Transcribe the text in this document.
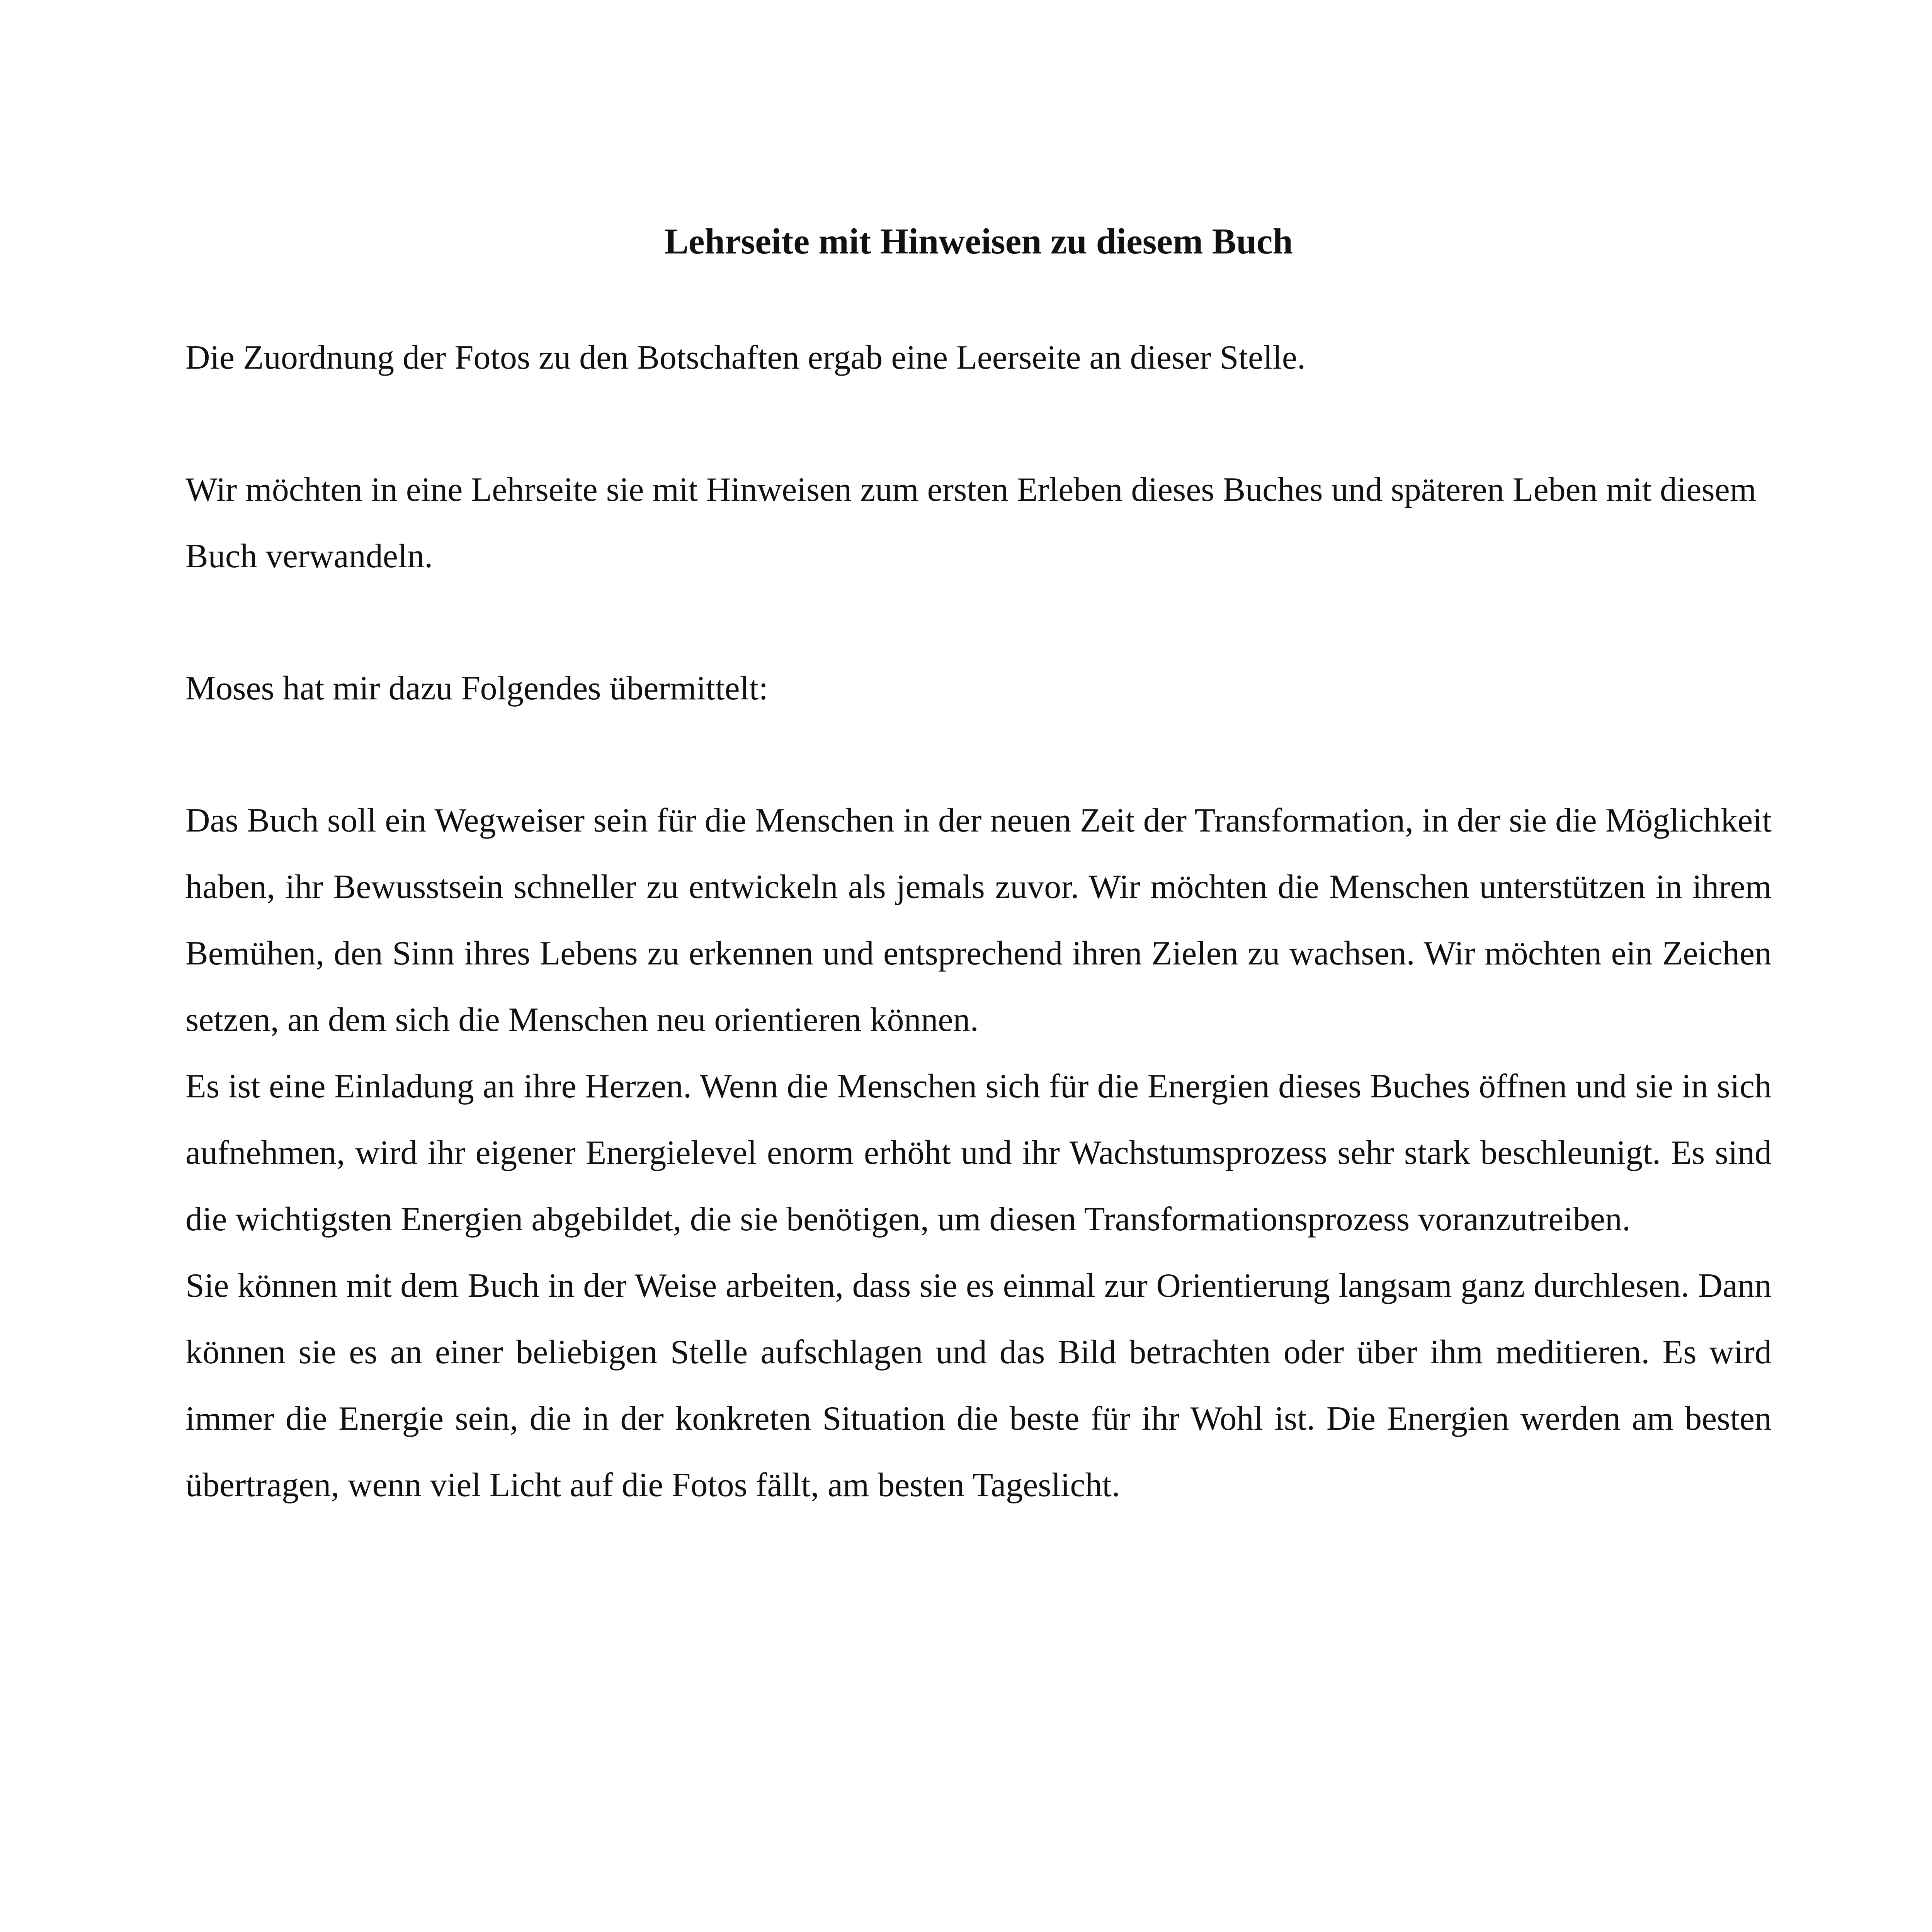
Lehrseite mit Hinweisen zu diesem Buch

Die Zuordnung der Fotos zu den Botschaften ergab eine Leerseite an dieser Stelle.

Wir möchten in eine Lehrseite sie mit Hinweisen zum ersten Erleben dieses Buches und späteren Leben mit diesem Buch verwandeln.

Moses hat mir dazu Folgendes übermittelt:

Das Buch soll ein Wegweiser sein für die Menschen in der neuen Zeit der Transformation, in der sie die Möglichkeit haben, ihr Bewusstsein schneller zu entwickeln als jemals zuvor. Wir möchten die Menschen unterstützen in ihrem Bemühen, den Sinn ihres Lebens zu erkennen und entsprechend ihren Zielen zu wachsen. Wir möchten ein Zeichen setzen, an dem sich die Menschen neu orientieren können.

Es ist eine Einladung an ihre Herzen. Wenn die Menschen sich für die Energien dieses Buches öffnen und sie in sich aufnehmen, wird ihr eigener Energielevel enorm erhöht und ihr Wachstumsprozess sehr stark beschleunigt. Es sind die wichtigsten Energien abgebildet, die sie benötigen, um diesen Transformationsprozess voranzutreiben.

Sie können mit dem Buch in der Weise arbeiten, dass sie es einmal zur Orientierung langsam ganz durchlesen. Dann können sie es an einer beliebigen Stelle aufschlagen und das Bild betrachten oder über ihm meditieren. Es wird immer die Energie sein, die in der konkreten Situation die beste für ihr Wohl ist. Die Energien werden am besten übertragen, wenn viel Licht auf die Fotos fällt, am besten Tageslicht.
